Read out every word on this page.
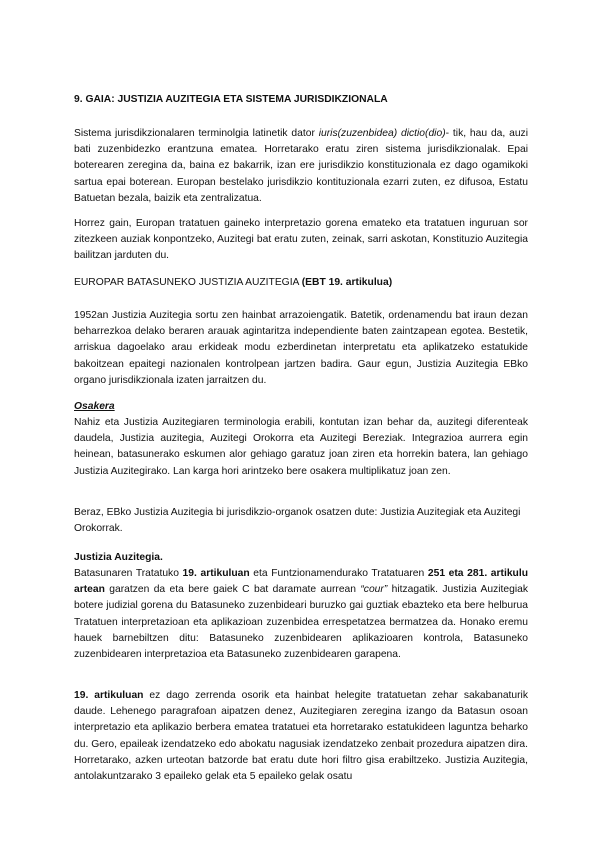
9. GAIA: JUSTIZIA AUZITEGIA ETA SISTEMA JURISDIKZIONALA

Sistema jurisdikzionalaren terminolgia latinetik dator iuris(zuzenbidea) dictio(dio)- tik, hau da, auzi bati zuzenbidezko erantzuna ematea. Horretarako eratu ziren sistema jurisdikzionalak. Epai boterearen zeregina da, baina ez bakarrik, izan ere jurisdikzio konstituzionala ez dago ogamikoki sartua epai boterean. Europan bestelako jurisdikzio kontituzionala ezarri zuten, ez difusoa, Estatu Batuetan bezala, baizik eta zentralizatua.

Horrez gain, Europan tratatuen gaineko interpretazio gorena emateko eta tratatuen inguruan sor zitezkeen auziak konpontzeko, Auzitegi bat eratu zuten, zeinak, sarri askotan, Konstituzio Auzitegia bailitzan jarduten du.

EUROPAR BATASUNEKO JUSTIZIA AUZITEGIA (EBT 19. artikulua)

1952an Justizia Auzitegia sortu zen hainbat arrazoiengatik. Batetik, ordenamendu bat iraun dezan beharrezkoa delako beraren arauak agintaritza independiente baten zaintzapean egotea. Bestetik, arriskua dagoelako arau erkideak modu ezberdinetan interpretatu eta aplikatzeko estatukide bakoitzean epaitegi nazionalen kontrolpean jartzen badira. Gaur egun, Justizia Auzitegia EBko organo jurisdikzionala izaten jarraitzen du.

Osakera

Nahiz eta Justizia Auzitegiaren terminologia erabili, kontutan izan behar da, auzitegi diferenteak daudela, Justizia auzitegia, Auzitegi Orokorra eta Auzitegi Bereziak. Integrazioa aurrera egin heinean, batasunerako eskumen alor gehiago garatuz joan ziren eta horrekin batera, lan gehiago Justizia Auzitegirako. Lan karga hori arintzeko bere osakera multiplikatuz joan zen.

Beraz, EBko Justizia Auzitegia bi jurisdikzio-organok osatzen dute: Justizia Auzitegiak eta Auzitegi Orokorrak.

Justizia Auzitegia.

Batasunaren Tratatuko 19. artikuluan eta Funtzionamendurako Tratatuaren 251 eta 281. artikulu artean garatzen da eta bere gaiek C bat daramate aurrean “cour” hitzagatik. Justizia Auzitegiak botere judizial gorena du Batasuneko zuzenbideari buruzko gai guztiak ebazteko eta bere helburua Tratatuen interpretazioan eta aplikazioan zuzenbidea errespetatzea bermatzea da. Honako eremu hauek barnebiltzen ditu: Batasuneko zuzenbidearen aplikazioaren kontrola, Batasuneko zuzenbidearen interpretazioa eta Batasuneko zuzenbidearen garapena.

19. artikuluan ez dago zerrenda osorik eta hainbat helegite tratatuetan zehar sakabanaturik daude. Lehenego paragrafoan aipatzen denez, Auzitegiaren zeregina izango da Batasun osoan interpretazio eta aplikazio berbera ematea tratatuei eta horretarako estatukideen laguntza beharko du. Gero, epaileak izendatzeko edo abokatu nagusiak izendatzeko zenbait prozedura aipatzen dira. Horretarako, azken urteotan batzorde bat eratu dute hori filtro gisa erabiltzeko. Justizia Auzitegia, antolakuntzarako 3 epaileko gelak eta 5 epaileko gelak osatu
